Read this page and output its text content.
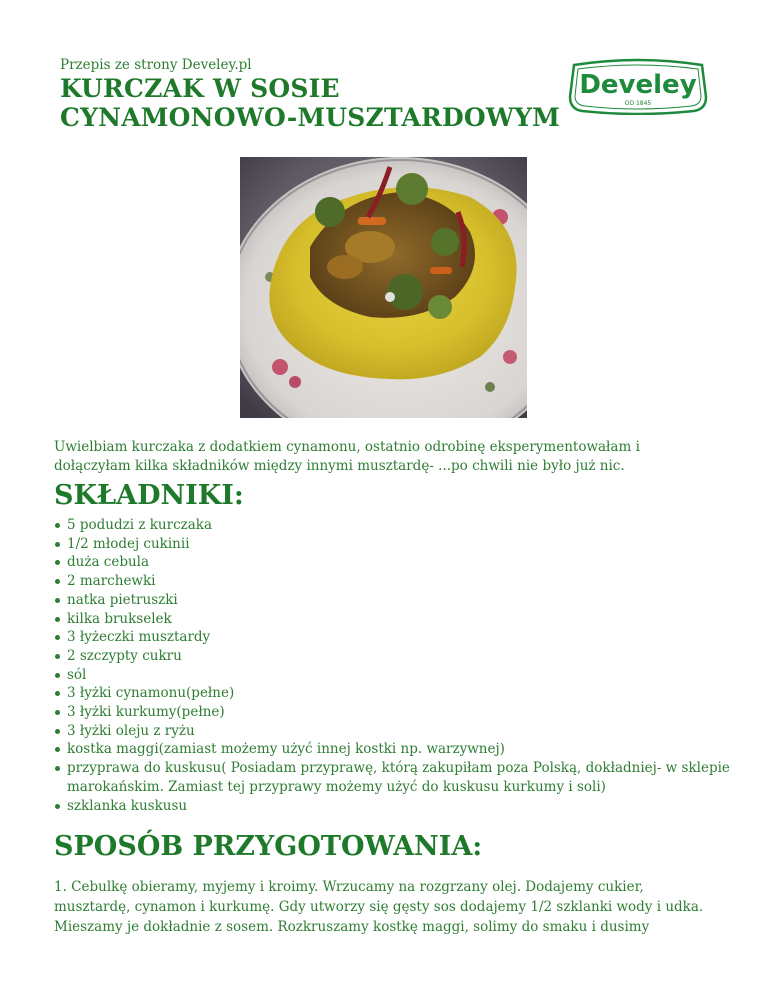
Przepis ze strony Develey.pl
KURCZAK W SOSIE
CYNAMONOWO-MUSZTARDOWYM
Develey
OD 1845

Uwielbiam kurczaka z dodatkiem cynamonu, ostatnio odrobinę eksperymentowałam i dołączyłam kilka składników między innymi musztardę- ...po chwili nie było już nic.

SKŁADNIKI:
5 podudzi z kurczaka
1/2 młodej cukinii
duża cebula
2 marchewki
natka pietruszki
kilka brukselek
3 łyżeczki musztardy
2 szczypty cukru
sól
3 łyżki cynamonu(pełne)
3 łyżki kurkumy(pełne)
3 łyżki oleju z ryżu
kostka maggi(zamiast możemy użyć innej kostki np. warzywnej)
przyprawa do kuskusu( Posiadam przyprawę, którą zakupiłam poza Polską, dokładniej- w sklepie marokańskim. Zamiast tej przyprawy możemy użyć do kuskusu kurkumy i soli)
szklanka kuskusu
SPOSÓB PRZYGOTOWANIA:

1. Cebulkę obieramy, myjemy i kroimy. Wrzucamy na rozgrzany olej. Dodajemy cukier, musztardę, cynamon i kurkumę. Gdy utworzy się gęsty sos dodajemy 1/2 szklanki wody i udka. Mieszamy je dokładnie z sosem. Rozkruszamy kostkę maggi, solimy do smaku i dusimy
